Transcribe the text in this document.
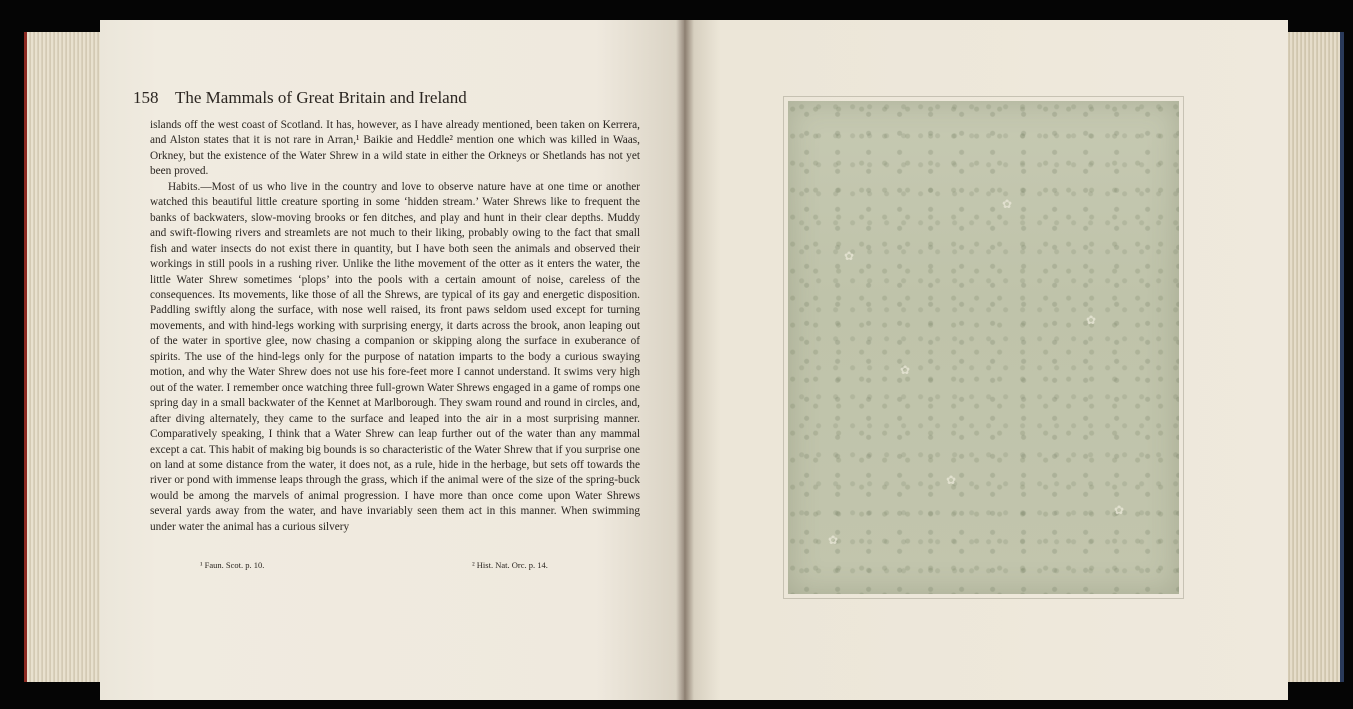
158 The Mammals of Great Britain and Ireland

islands off the west coast of Scotland. It has, however, as I have already mentioned, been taken on Kerrera, and Alston states that it is not rare in Arran,¹ Baikie and Heddle² mention one which was killed in Waas, Orkney, but the existence of the Water Shrew in a wild state in either the Orkneys or Shetlands has not yet been proved.

Habits.—Most of us who live in the country and love to observe nature have at one time or another watched this beautiful little creature sporting in some ‘hidden stream.’ Water Shrews like to frequent the banks of backwaters, slow-moving brooks or fen ditches, and play and hunt in their clear depths. Muddy and swift-flowing rivers and streamlets are not much to their liking, probably owing to the fact that small fish and water insects do not exist there in quantity, but I have both seen the animals and observed their workings in still pools in a rushing river. Unlike the lithe movement of the otter as it enters the water, the little Water Shrew sometimes ‘plops’ into the pools with a certain amount of noise, careless of the consequences. Its movements, like those of all the Shrews, are typical of its gay and energetic disposition. Paddling swiftly along the surface, with nose well raised, its front paws seldom used except for turning movements, and with hind-legs working with surprising energy, it darts across the brook, anon leaping out of the water in sportive glee, now chasing a companion or skipping along the surface in exuberance of spirits. The use of the hind-legs only for the purpose of natation imparts to the body a curious swaying motion, and why the Water Shrew does not use his fore-feet more I cannot understand. It swims very high out of the water. I remember once watching three full-grown Water Shrews engaged in a game of romps one spring day in a small backwater of the Kennet at Marlborough. They swam round and round in circles, and, after diving alternately, they came to the surface and leaped into the air in a most surprising manner. Comparatively speaking, I think that a Water Shrew can leap further out of the water than any mammal except a cat. This habit of making big bounds is so characteristic of the Water Shrew that if you surprise one on land at some distance from the water, it does not, as a rule, hide in the herbage, but sets off towards the river or pond with immense leaps through the grass, which if the animal were of the size of the spring-buck would be among the marvels of animal progression. I have more than once come upon Water Shrews several yards away from the water, and have invariably seen them act in this manner. When swimming under water the animal has a curious silvery

¹ Faun. Scot. p. 10.	² Hist. Nat. Orc. p. 14.
✿
✿
✿
✿
✿
✿
✿
